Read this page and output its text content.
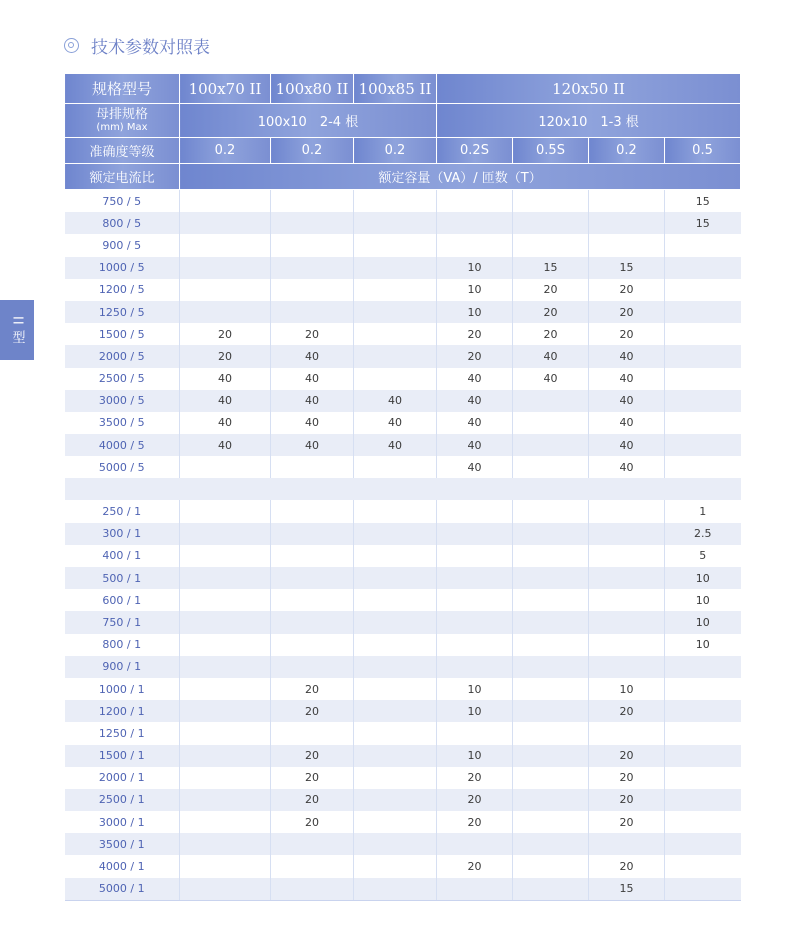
技术参数对照表
II 型
规格型号	100x70 II	100x80 II	100x85 II	120x50 II			

母排规格
(mm) Max	100x10　2-4 根			120x10　1-3 根			
准确度等级	0.2	0.2	0.2	0.2S	0.5S	0.2	0.5
额定电流比	额定容量（VA）/ 匝数（T）						
750 / 5							15
800 / 5							15
900 / 5							
1000 / 5				10	15	15	
1200 / 5				10	20	20	
1250 / 5				10	20	20	
1500 / 5	20	20		20	20	20	
2000 / 5	20	40		20	40	40	
2500 / 5	40	40		40	40	40	
3000 / 5	40	40	40	40		40	
3500 / 5	40	40	40	40		40	
4000 / 5	40	40	40	40		40	
5000 / 5				40		40	

250 / 1							1
300 / 1							2.5
400 / 1							5
500 / 1							10
600 / 1							10
750 / 1							10
800 / 1							10
900 / 1							
1000 / 1		20		10		10	
1200 / 1		20		10		20	
1250 / 1							
1500 / 1		20		10		20	
2000 / 1		20		20		20	
2500 / 1		20		20		20	
3000 / 1		20		20		20	
3500 / 1							
4000 / 1				20		20	
5000 / 1						15	
